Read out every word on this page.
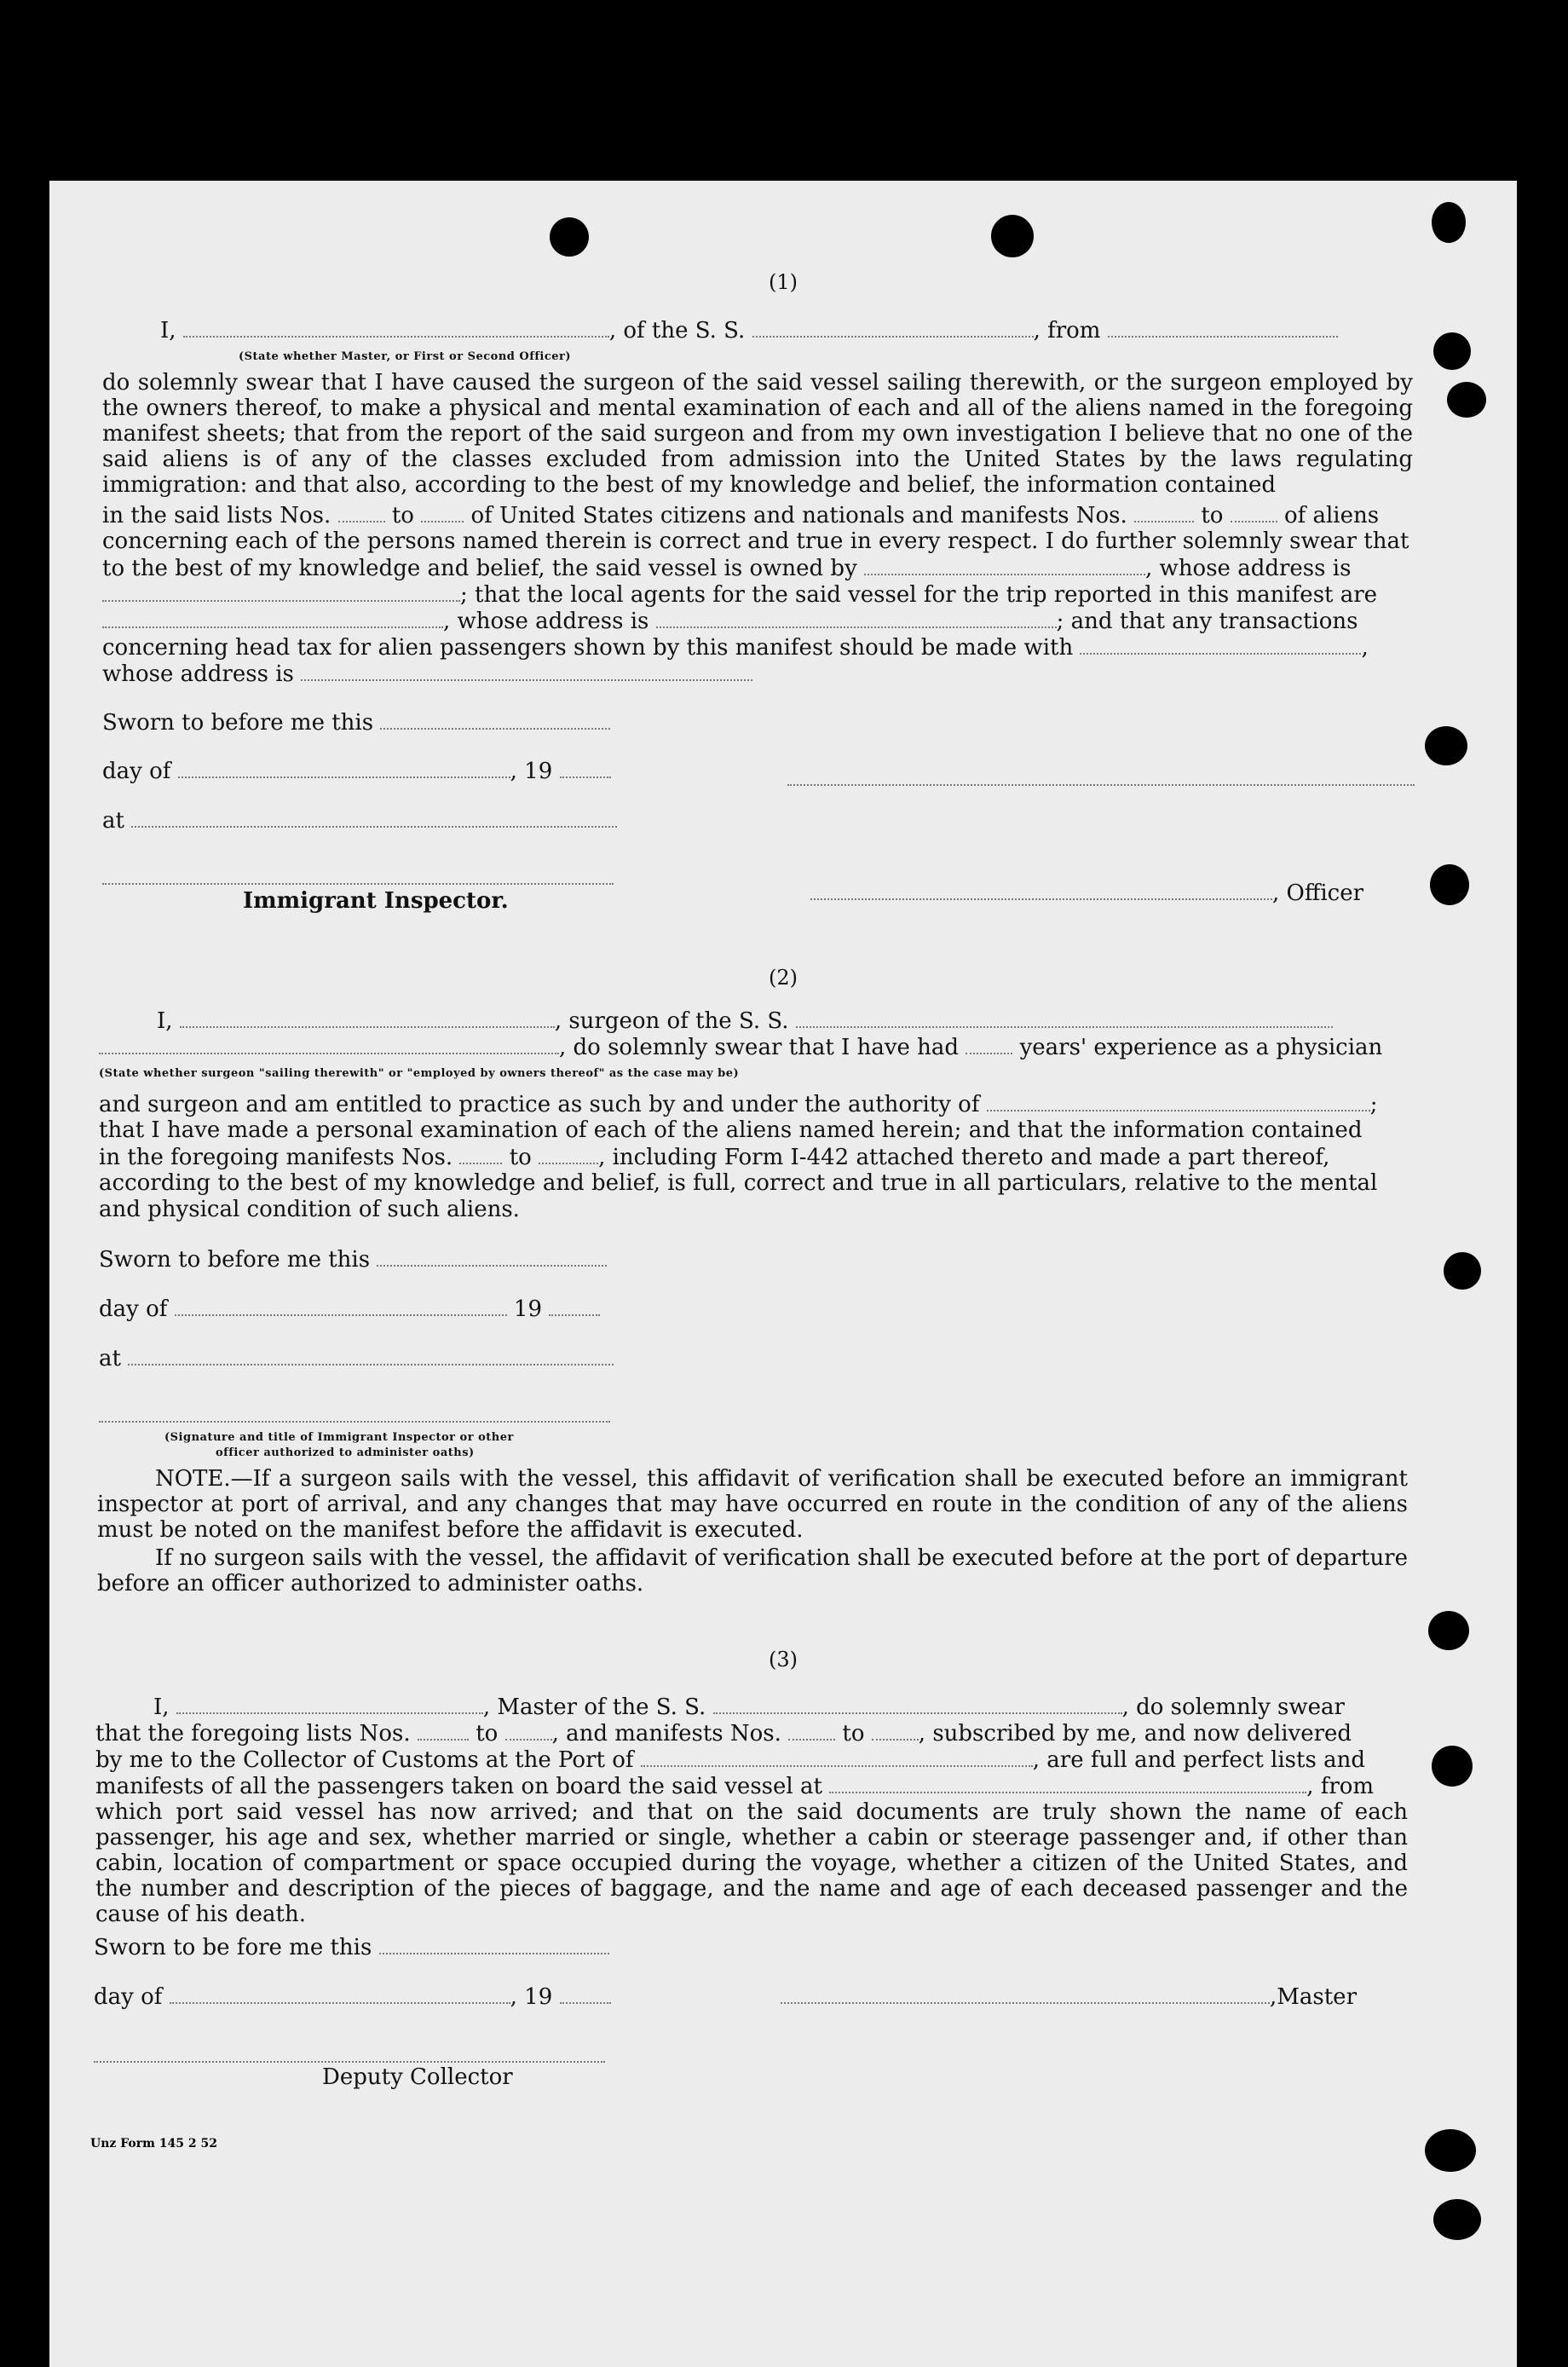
(1)
I,	, of the S. S.	, from
(State whether Master, or First or Second Officer)
do solemnly swear that I have caused the surgeon of the said vessel sailing therewith, or the surgeon employed by the owners thereof, to make a physical and mental examination of each and all of the aliens named in the foregoing manifest sheets; that from the report of the said surgeon and from my own investigation I believe that no one of the said aliens is of any of the classes excluded from admission into the United States by the laws regulating immigration: and that also, according to the best of my knowledge and belief, the information contained
in the said lists Nos.	to	of United States citizens and nationals and manifests Nos.	to	of aliens
concerning each of the persons named therein is correct and true in every respect. I do further solemnly swear that
to the best of my knowledge and belief, the said vessel is owned by	, whose address is
; that the local agents for the said vessel for the trip reported in this manifest are
, whose address is	; and that any transactions
concerning head tax for alien passengers shown by this manifest should be made with	,
whose address is
Sworn to before me this
day of	, 19
at
Immigrant Inspector.	, Officer
(2)
I,	, surgeon of the S. S.
, do solemnly swear that I have had	years' experience as a physician
(State whether surgeon "sailing therewith" or "employed by owners thereof" as the case may be)
and surgeon and am entitled to practice as such by and under the authority of	;
that I have made a personal examination of each of the aliens named herein; and that the information contained
in the foregoing manifests Nos.	to	, including Form I-442 attached thereto and made a part thereof,
according to the best of my knowledge and belief, is full, correct and true in all particulars, relative to the mental
and physical condition of such aliens.
Sworn to before me this
day of	19
at
(Signature and title of Immigrant Inspector or other
officer authorized to administer oaths)
NOTE.—If a surgeon sails with the vessel, this affidavit of verification shall be executed before an immigrant inspector at port of arrival, and any changes that may have occurred en route in the condition of any of the aliens must be noted on the manifest before the affidavit is executed.
If no surgeon sails with the vessel, the affidavit of verification shall be executed before at the port of departure before an officer authorized to administer oaths.
(3)
I,	, Master of the S. S.	, do solemnly swear
that the foregoing lists Nos.	to , and manifests Nos.	to , subscribed by me, and now delivered
by me to the Collector of Customs at the Port of	, are full and perfect lists and
manifests of all the passengers taken on board the said vessel at	, from
which port said vessel has now arrived; and that on the said documents are truly shown the name of each passenger, his age and sex, whether married or single, whether a cabin or steerage passenger and, if other than cabin, location of compartment or space occupied during the voyage, whether a citizen of the United States, and the number and description of the pieces of baggage, and the name and age of each deceased passenger and the cause of his death.
Sworn to be fore me this
day of	, 19	,Master
Deputy Collector
Unz Form 145 2 52
